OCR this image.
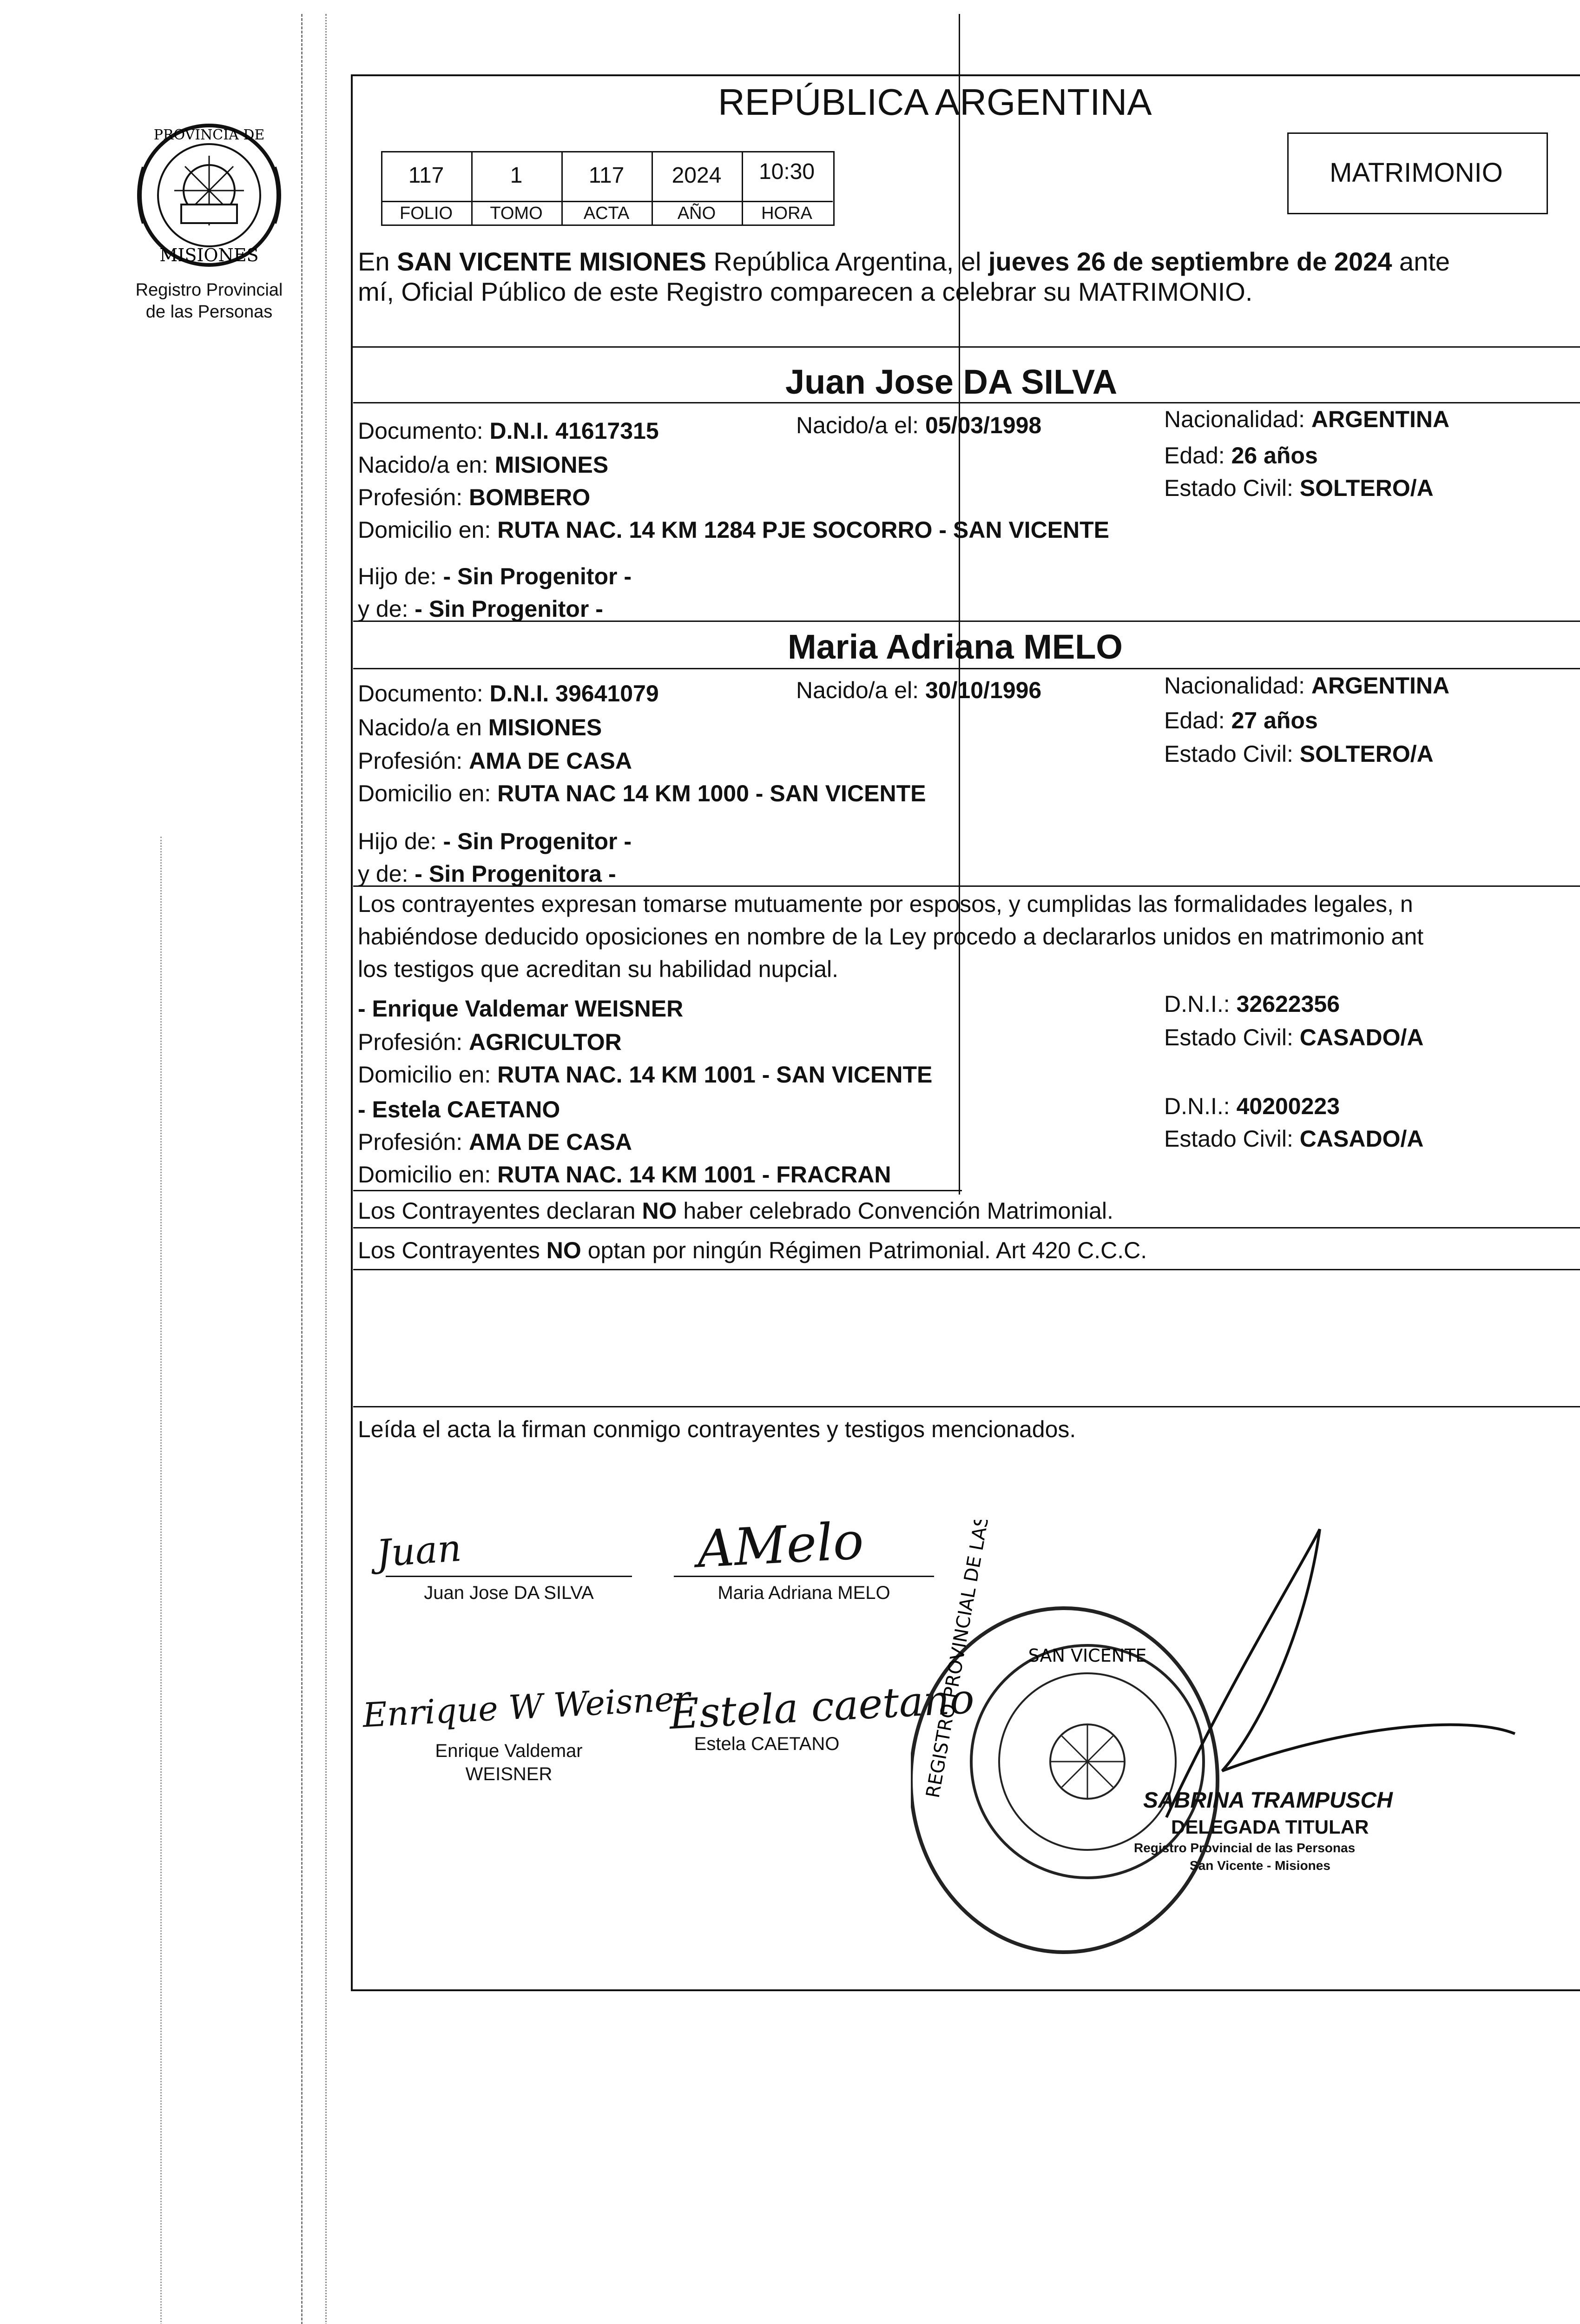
PROVINCIA DE
MISIONES
Registro Provincial
de las Personas
REPÚBLICA ARGENTINA
117	1	117	2024	10:30
FOLIO	TOMO	ACTA	AÑO	HORA
MATRIMONIO
En SAN VICENTE MISIONES República Argentina, el jueves 26 de septiembre de 2024 ante
mí, Oficial Público de este Registro comparecen a celebrar su MATRIMONIO.
Juan Jose DA SILVA
Documento: D.N.I. 41617315	Nacido/a el: 05/03/1998	Nacionalidad: ARGENTINA
Nacido/a en: MISIONES	Edad: 26 años
Profesión: BOMBERO	Estado Civil: SOLTERO/A
Domicilio en: RUTA NAC. 14 KM 1284 PJE SOCORRO - SAN VICENTE
Hijo de: - Sin Progenitor -
y de: - Sin Progenitor -
Maria Adriana MELO
Documento: D.N.I. 39641079	Nacido/a el: 30/10/1996	Nacionalidad: ARGENTINA
Nacido/a en MISIONES	Edad: 27 años
Profesión: AMA DE CASA	Estado Civil: SOLTERO/A
Domicilio en: RUTA NAC 14 KM 1000 - SAN VICENTE
Hijo de: - Sin Progenitor -
y de: - Sin Progenitora -
Los contrayentes expresan tomarse mutuamente por esposos, y cumplidas las formalidades legales, n
habiéndose deducido oposiciones en nombre de la Ley procedo a declararlos unidos en matrimonio ant
los testigos que acreditan su habilidad nupcial.
- Enrique Valdemar WEISNER	D.N.I.: 32622356
Profesión: AGRICULTOR	Estado Civil: CASADO/A
Domicilio en: RUTA NAC. 14 KM 1001 - SAN VICENTE
- Estela CAETANO	D.N.I.: 40200223
Profesión: AMA DE CASA	Estado Civil: CASADO/A
Domicilio en: RUTA NAC. 14 KM 1001 - FRACRAN
Los Contrayentes declaran NO haber celebrado Convención Matrimonial.
Los Contrayentes NO optan por ningún Régimen Patrimonial. Art 420 C.C.C.
Leída el acta la firman conmigo contrayentes y testigos mencionados.
Juan
Juan Jose DA SILVA
AMelo
Maria Adriana MELO
Enrique W Weisner
Enrique Valdemar
WEISNER
Estela caetano
Estela CAETANO
SAN VICENTE
REGISTRO PROVINCIAL DE LAS PERSONAS
SABRINA TRAMPUSCH
DELEGADA TITULAR
Registro Provincial de las Personas
San Vicente - Misiones
